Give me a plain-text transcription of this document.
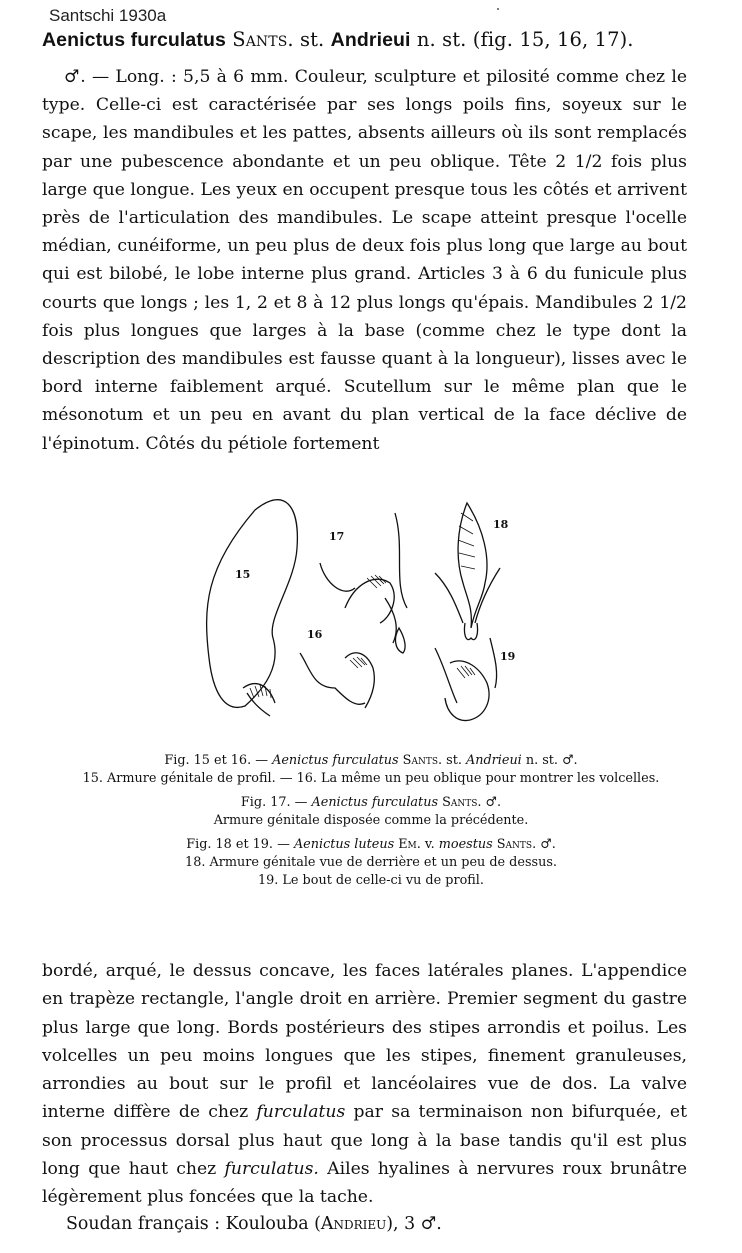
Santschi 1930a
Aenictus furculatus Sants. st. Andrieui n. st. (fig. 15, 16, 17).

♂. — Long. : 5,5 à 6 mm. Couleur, sculpture et pilosité comme chez le type. Celle-ci est caractérisée par ses longs poils fins, soyeux sur le scape, les mandibules et les pattes, absents ailleurs où ils sont remplacés par une pubescence abondante et un peu oblique. Tête 2 1/2 fois plus large que longue. Les yeux en occupent presque tous les côtés et arrivent près de l'articulation des mandibules. Le scape atteint presque l'ocelle médian, cunéiforme, un peu plus de deux fois plus long que large au bout qui est bilobé, le lobe interne plus grand. Articles 3 à 6 du funicule plus courts que longs ; les 1, 2 et 8 à 12 plus longs qu'épais. Mandibules 2 1/2 fois plus longues que larges à la base (comme chez le type dont la description des mandibules est fausse quant à la longueur), lisses avec le bord interne faiblement arqué. Scutellum sur le même plan que le mésonotum et un peu en avant du plan vertical de la face déclive de l'épinotum. Côtés du pétiole fortement

15
17
16
18
19

Fig. 15 et 16. — Aenictus furculatus Sants. st. Andrieui n. st. ♂.

15. Armure génitale de profil. — 16. La même un peu oblique pour montrer les volcelles.

Fig. 17. — Aenictus furculatus Sants. ♂.

Armure génitale disposée comme la précédente.

Fig. 18 et 19. — Aenictus luteus Em. v. moestus Sants. ♂.

18. Armure génitale vue de derrière et un peu de dessus.

19. Le bout de celle-ci vu de profil.

bordé, arqué, le dessus concave, les faces latérales planes. L'appendice en trapèze rectangle, l'angle droit en arrière. Premier segment du gastre plus large que long. Bords postérieurs des stipes arrondis et poilus. Les volcelles un peu moins longues que les stipes, finement granuleuses, arrondies au bout sur le profil et lancéolaires vue de dos. La valve interne diffère de chez furculatus par sa terminaison non bifurquée, et son processus dorsal plus haut que long à la base tandis qu'il est plus long que haut chez furculatus. Ailes hyalines à nervures roux brunâtre légèrement plus foncées que la tache.

Soudan français : Koulouba (Andrieu), 3 ♂.
